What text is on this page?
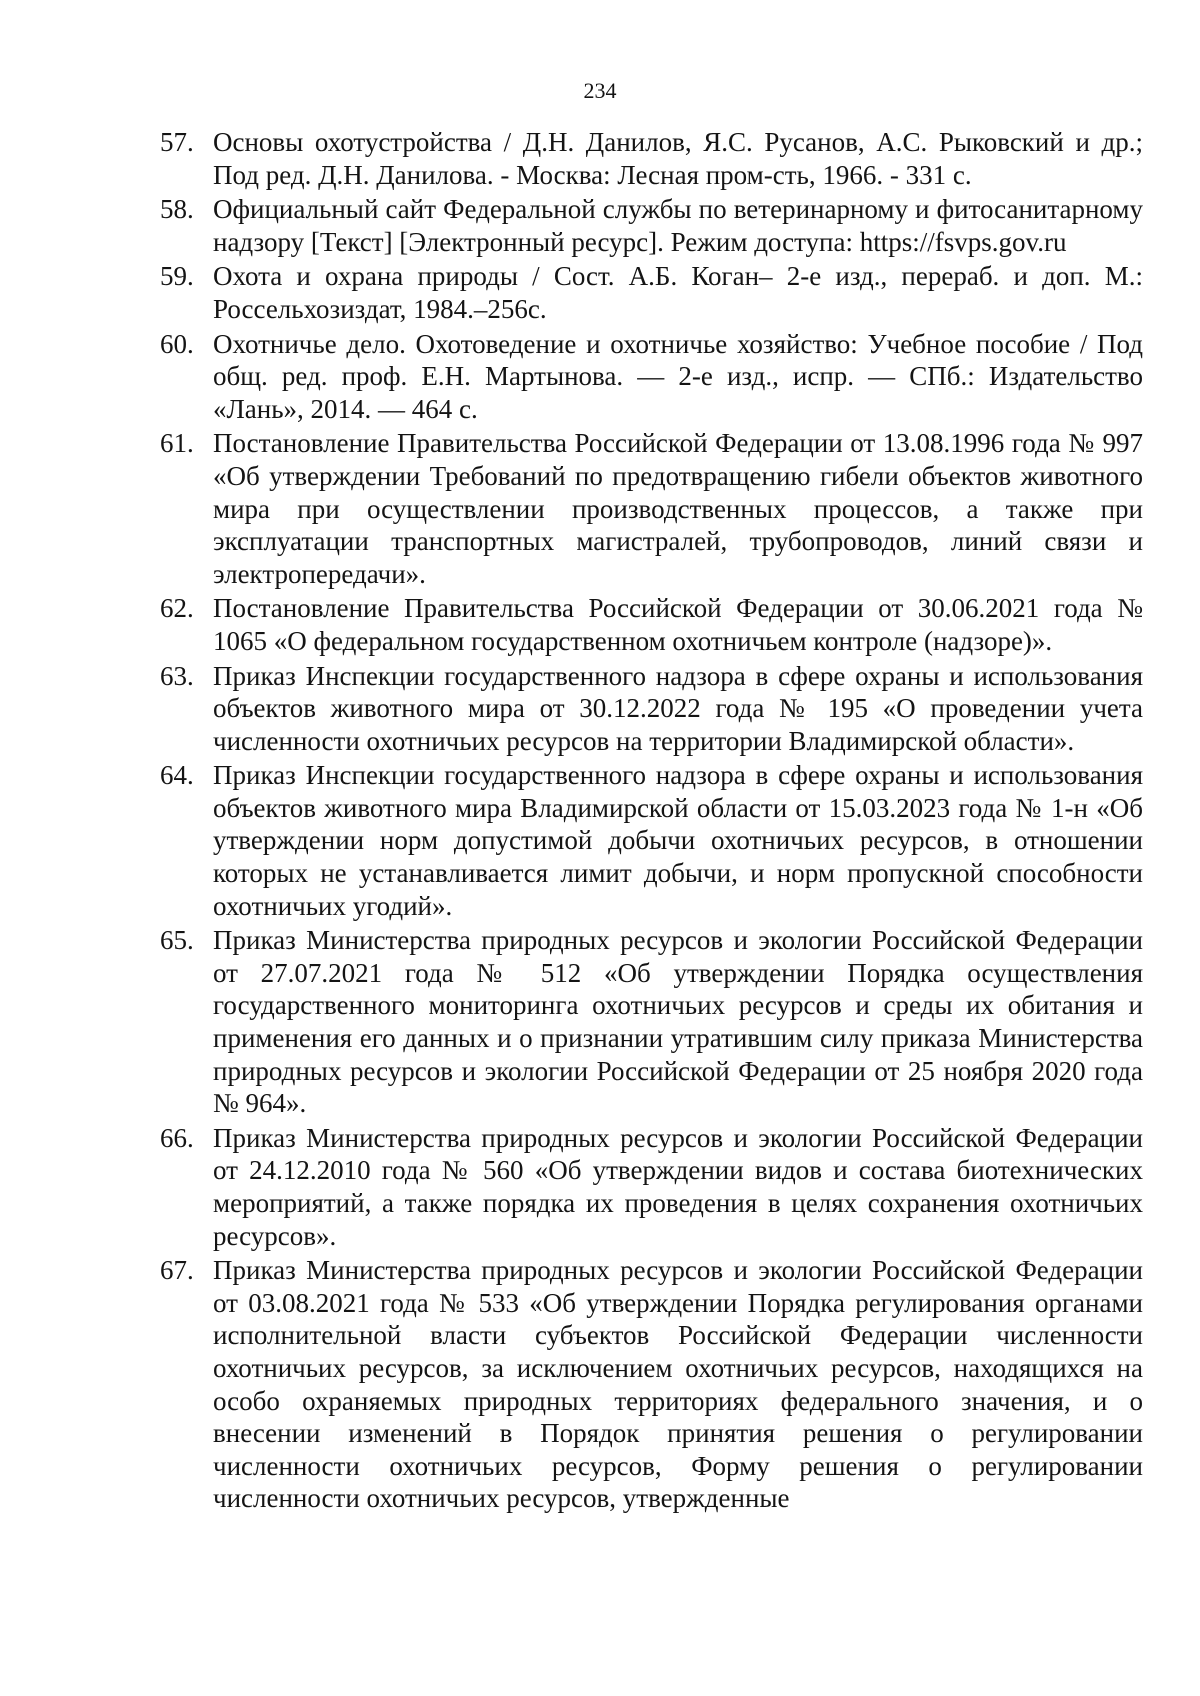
234
57. Основы охотустройства / Д.Н. Данилов, Я.С. Русанов, А.С. Рыковский и др.; Под ред. Д.Н. Данилова. - Москва: Лесная пром-сть, 1966. - 331 с.
58. Официальный сайт Федеральной службы по ветеринарному и фитосанитарному надзору [Текст] [Электронный ресурс]. Режим доступа: https://fsvps.gov.ru
59. Охота и охрана природы / Сост. А.Б. Коган– 2-е изд., перераб. и доп. М.: Россельхозиздат, 1984.–256с.
60. Охотничье дело. Охотоведение и охотничье хозяйство: Учебное пособие / Под общ. ред. проф. Е.Н. Мартынова. — 2-е изд., испр. — СПб.: Издательство «Лань», 2014. — 464 с.
61. Постановление Правительства Российской Федерации от 13.08.1996 года № 997 «Об утверждении Требований по предотвращению гибели объектов животного мира при осуществлении производственных процессов, а также при эксплуатации транспортных магистралей, трубопроводов, линий связи и электропередачи».
62. Постановление Правительства Российской Федерации от 30.06.2021 года № 1065 «О федеральном государственном охотничьем контроле (надзоре)».
63. Приказ Инспекции государственного надзора в сфере охраны и использования объектов животного мира от 30.12.2022 года № 195 «О проведении учета численности охотничьих ресурсов на территории Владимирской области».
64. Приказ Инспекции государственного надзора в сфере охраны и использования объектов животного мира Владимирской области от 15.03.2023 года № 1-н «Об утверждении норм допустимой добычи охотничьих ресурсов, в отношении которых не устанавливается лимит добычи, и норм пропускной способности охотничьих угодий».
65. Приказ Министерства природных ресурсов и экологии Российской Федерации от 27.07.2021 года № 512 «Об утверждении Порядка осуществления государственного мониторинга охотничьих ресурсов и среды их обитания и применения его данных и о признании утратившим силу приказа Министерства природных ресурсов и экологии Российской Федерации от 25 ноября 2020 года № 964».
66. Приказ Министерства природных ресурсов и экологии Российской Федерации от 24.12.2010 года № 560 «Об утверждении видов и состава биотехнических мероприятий, а также порядка их проведения в целях сохранения охотничьих ресурсов».
67. Приказ Министерства природных ресурсов и экологии Российской Федерации от 03.08.2021 года № 533 «Об утверждении Порядка регулирования органами исполнительной власти субъектов Российской Федерации численности охотничьих ресурсов, за исключением охотничьих ресурсов, находящихся на особо охраняемых природных территориях федерального значения, и о внесении изменений в Порядок принятия решения о регулировании численности охотничьих ресурсов, Форму решения о регулировании численности охотничьих ресурсов, утвержденные
